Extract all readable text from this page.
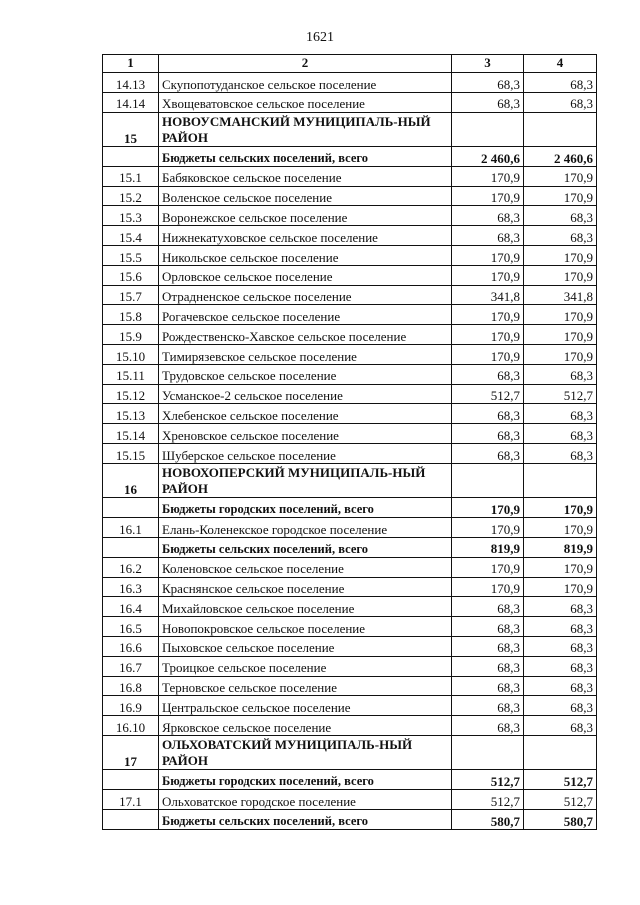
1621
1	2	3	4
14.13	Скупопотуданское сельское поселение	68,3	68,3
14.14	Хвощеватовское сельское поселение	68,3	68,3
15	НОВОУСМАНСКИЙ МУНИЦИПАЛЬ-НЫЙ РАЙОН		
	Бюджеты сельских поселений, всего	2 460,6	2 460,6
15.1	Бабяковское сельское поселение	170,9	170,9
15.2	Воленское сельское поселение	170,9	170,9
15.3	Воронежское сельское поселение	68,3	68,3
15.4	Нижнекатуховское сельское поселение	68,3	68,3
15.5	Никольское сельское поселение	170,9	170,9
15.6	Орловское сельское поселение	170,9	170,9
15.7	Отрадненское сельское поселение	341,8	341,8
15.8	Рогачевское сельское поселение	170,9	170,9
15.9	Рождественско-Хавское сельское поселение	170,9	170,9
15.10	Тимирязевское сельское поселение	170,9	170,9
15.11	Трудовское сельское поселение	68,3	68,3
15.12	Усманское-2 сельское поселение	512,7	512,7
15.13	Хлебенское сельское поселение	68,3	68,3
15.14	Хреновское сельское поселение	68,3	68,3
15.15	Шуберское сельское поселение	68,3	68,3
16	НОВОХОПЕРСКИЙ МУНИЦИПАЛЬ-НЫЙ РАЙОН		
	Бюджеты городских поселений, всего	170,9	170,9
16.1	Елань-Коленекское городское поселение	170,9	170,9
	Бюджеты сельских поселений, всего	819,9	819,9
16.2	Коленовское сельское поселение	170,9	170,9
16.3	Краснянское сельское поселение	170,9	170,9
16.4	Михайловское сельское поселение	68,3	68,3
16.5	Новопокровское сельское поселение	68,3	68,3
16.6	Пыховское сельское поселение	68,3	68,3
16.7	Троицкое сельское поселение	68,3	68,3
16.8	Терновское сельское поселение	68,3	68,3
16.9	Центральское сельское поселение	68,3	68,3
16.10	Ярковское сельское поселение	68,3	68,3
17	ОЛЬХОВАТСКИЙ МУНИЦИПАЛЬ-НЫЙ РАЙОН		
	Бюджеты городских поселений, всего	512,7	512,7
17.1	Ольховатское городское поселение	512,7	512,7
	Бюджеты сельских поселений, всего	580,7	580,7
